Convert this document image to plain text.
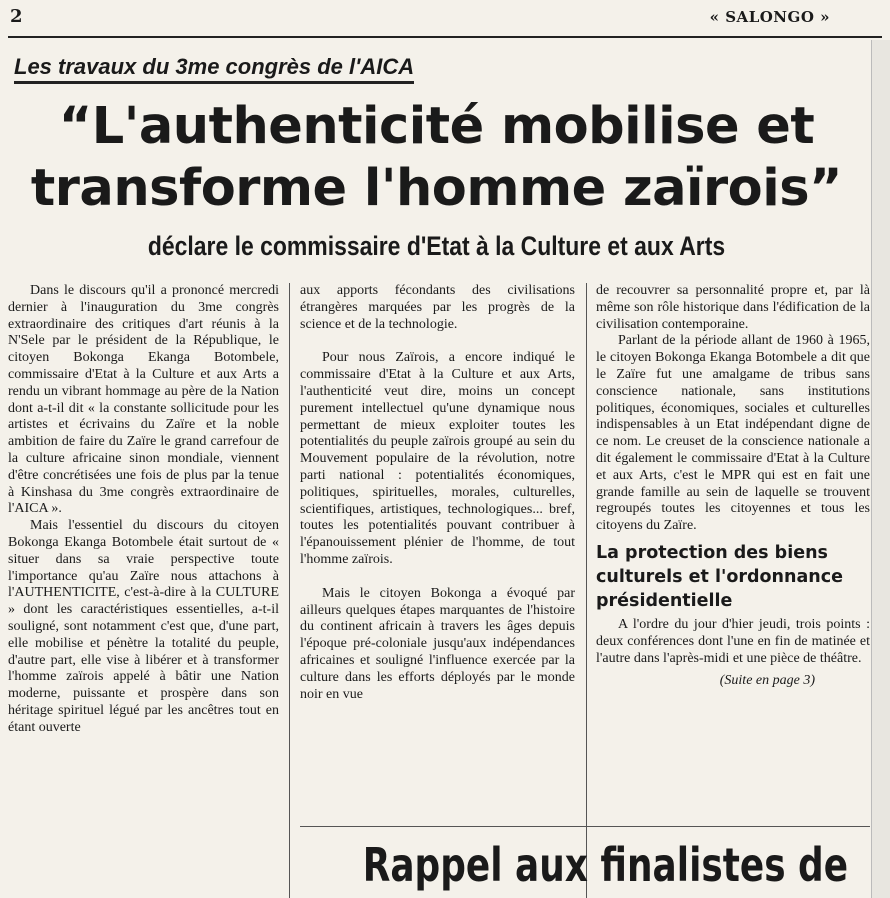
2	« SALONGO »
Les travaux du 3me congrès de l'AICA
“L'authenticité mobilise et transforme l'homme zaïrois”
déclare le commissaire d'Etat à la Culture et aux Arts

Dans le discours qu'il a prononcé mercredi dernier à l'inauguration du 3me congrès extraordinaire des critiques d'art réunis à la N'Sele par le président de la République, le citoyen Bokonga Ekanga Botombele, commissaire d'Etat à la Culture et aux Arts a rendu un vibrant hommage au père de la Nation dont a-t-il dit « la constante sollicitude pour les artistes et écrivains du Zaïre et la noble ambition de faire du Zaïre le grand carrefour de la culture africaine sinon mondiale, viennent d'être concrétisées une fois de plus par la tenue à Kinshasa du 3me congrès extraordinaire de l'AICA ».

Mais l'essentiel du discours du citoyen Bokonga Ekanga Botombele était surtout de « situer dans sa vraie perspective toute l'importance qu'au Zaïre nous attachons à l'AUTHENTICITE, c'est-à-dire à la CULTURE » dont les caractéristiques essentielles, a-t-il souligné, sont notamment c'est que, d'une part, elle mobilise et pénètre la totalité du peuple, d'autre part, elle vise à libérer et à transformer l'homme zaïrois appelé à bâtir une Nation moderne, puissante et prospère dans son héritage spirituel légué par les ancêtres tout en étant ouverte

aux apports fécondants des civilisations étrangères marquées par les progrès de la science et de la technologie.

Pour nous Zaïrois, a encore indiqué le commissaire d'Etat à la Culture et aux Arts, l'authenticité veut dire, moins un concept purement intellectuel qu'une dynamique nous permettant de mieux exploiter toutes les potentialités du peuple zaïrois groupé au sein du Mouvement populaire de la révolution, notre parti national : potentialités économiques, politiques, spirituelles, morales, culturelles, scientifiques, artistiques, technologiques... bref, toutes les potentialités pouvant contribuer à l'épanouissement plénier de l'homme, de tout l'homme zaïrois.

Mais le citoyen Bokonga a évoqué par ailleurs quelques étapes marquantes de l'histoire du continent africain à travers les âges depuis l'époque pré-coloniale jusqu'aux indépendances africaines et souligné l'influence exercée par la culture dans les efforts déployés par le monde noir en vue

de recouvrer sa personnalité propre et, par là même son rôle historique dans l'édification de la civilisation contemporaine.

Parlant de la période allant de 1960 à 1965, le citoyen Bokonga Ekanga Botombele a dit que le Zaïre fut une amalgame de tribus sans conscience nationale, sans institutions politiques, économiques, sociales et culturelles indispensables à un Etat indépendant digne de ce nom. Le creuset de la conscience nationale a dit également le commissaire d'Etat à la Culture et aux Arts, c'est le MPR qui est en fait une grande famille au sein de laquelle se trouvent regroupés toutes les citoyennes et tous les citoyens du Zaïre.

La protection des biens culturels et l'ordonnance présidentielle

A l'ordre du jour d'hier jeudi, trois points : deux conférences dont l'une en fin de matinée et l'autre dans l'après-midi et une pièce de théâtre.

(Suite en page 3)
Rappel aux finalistes de
